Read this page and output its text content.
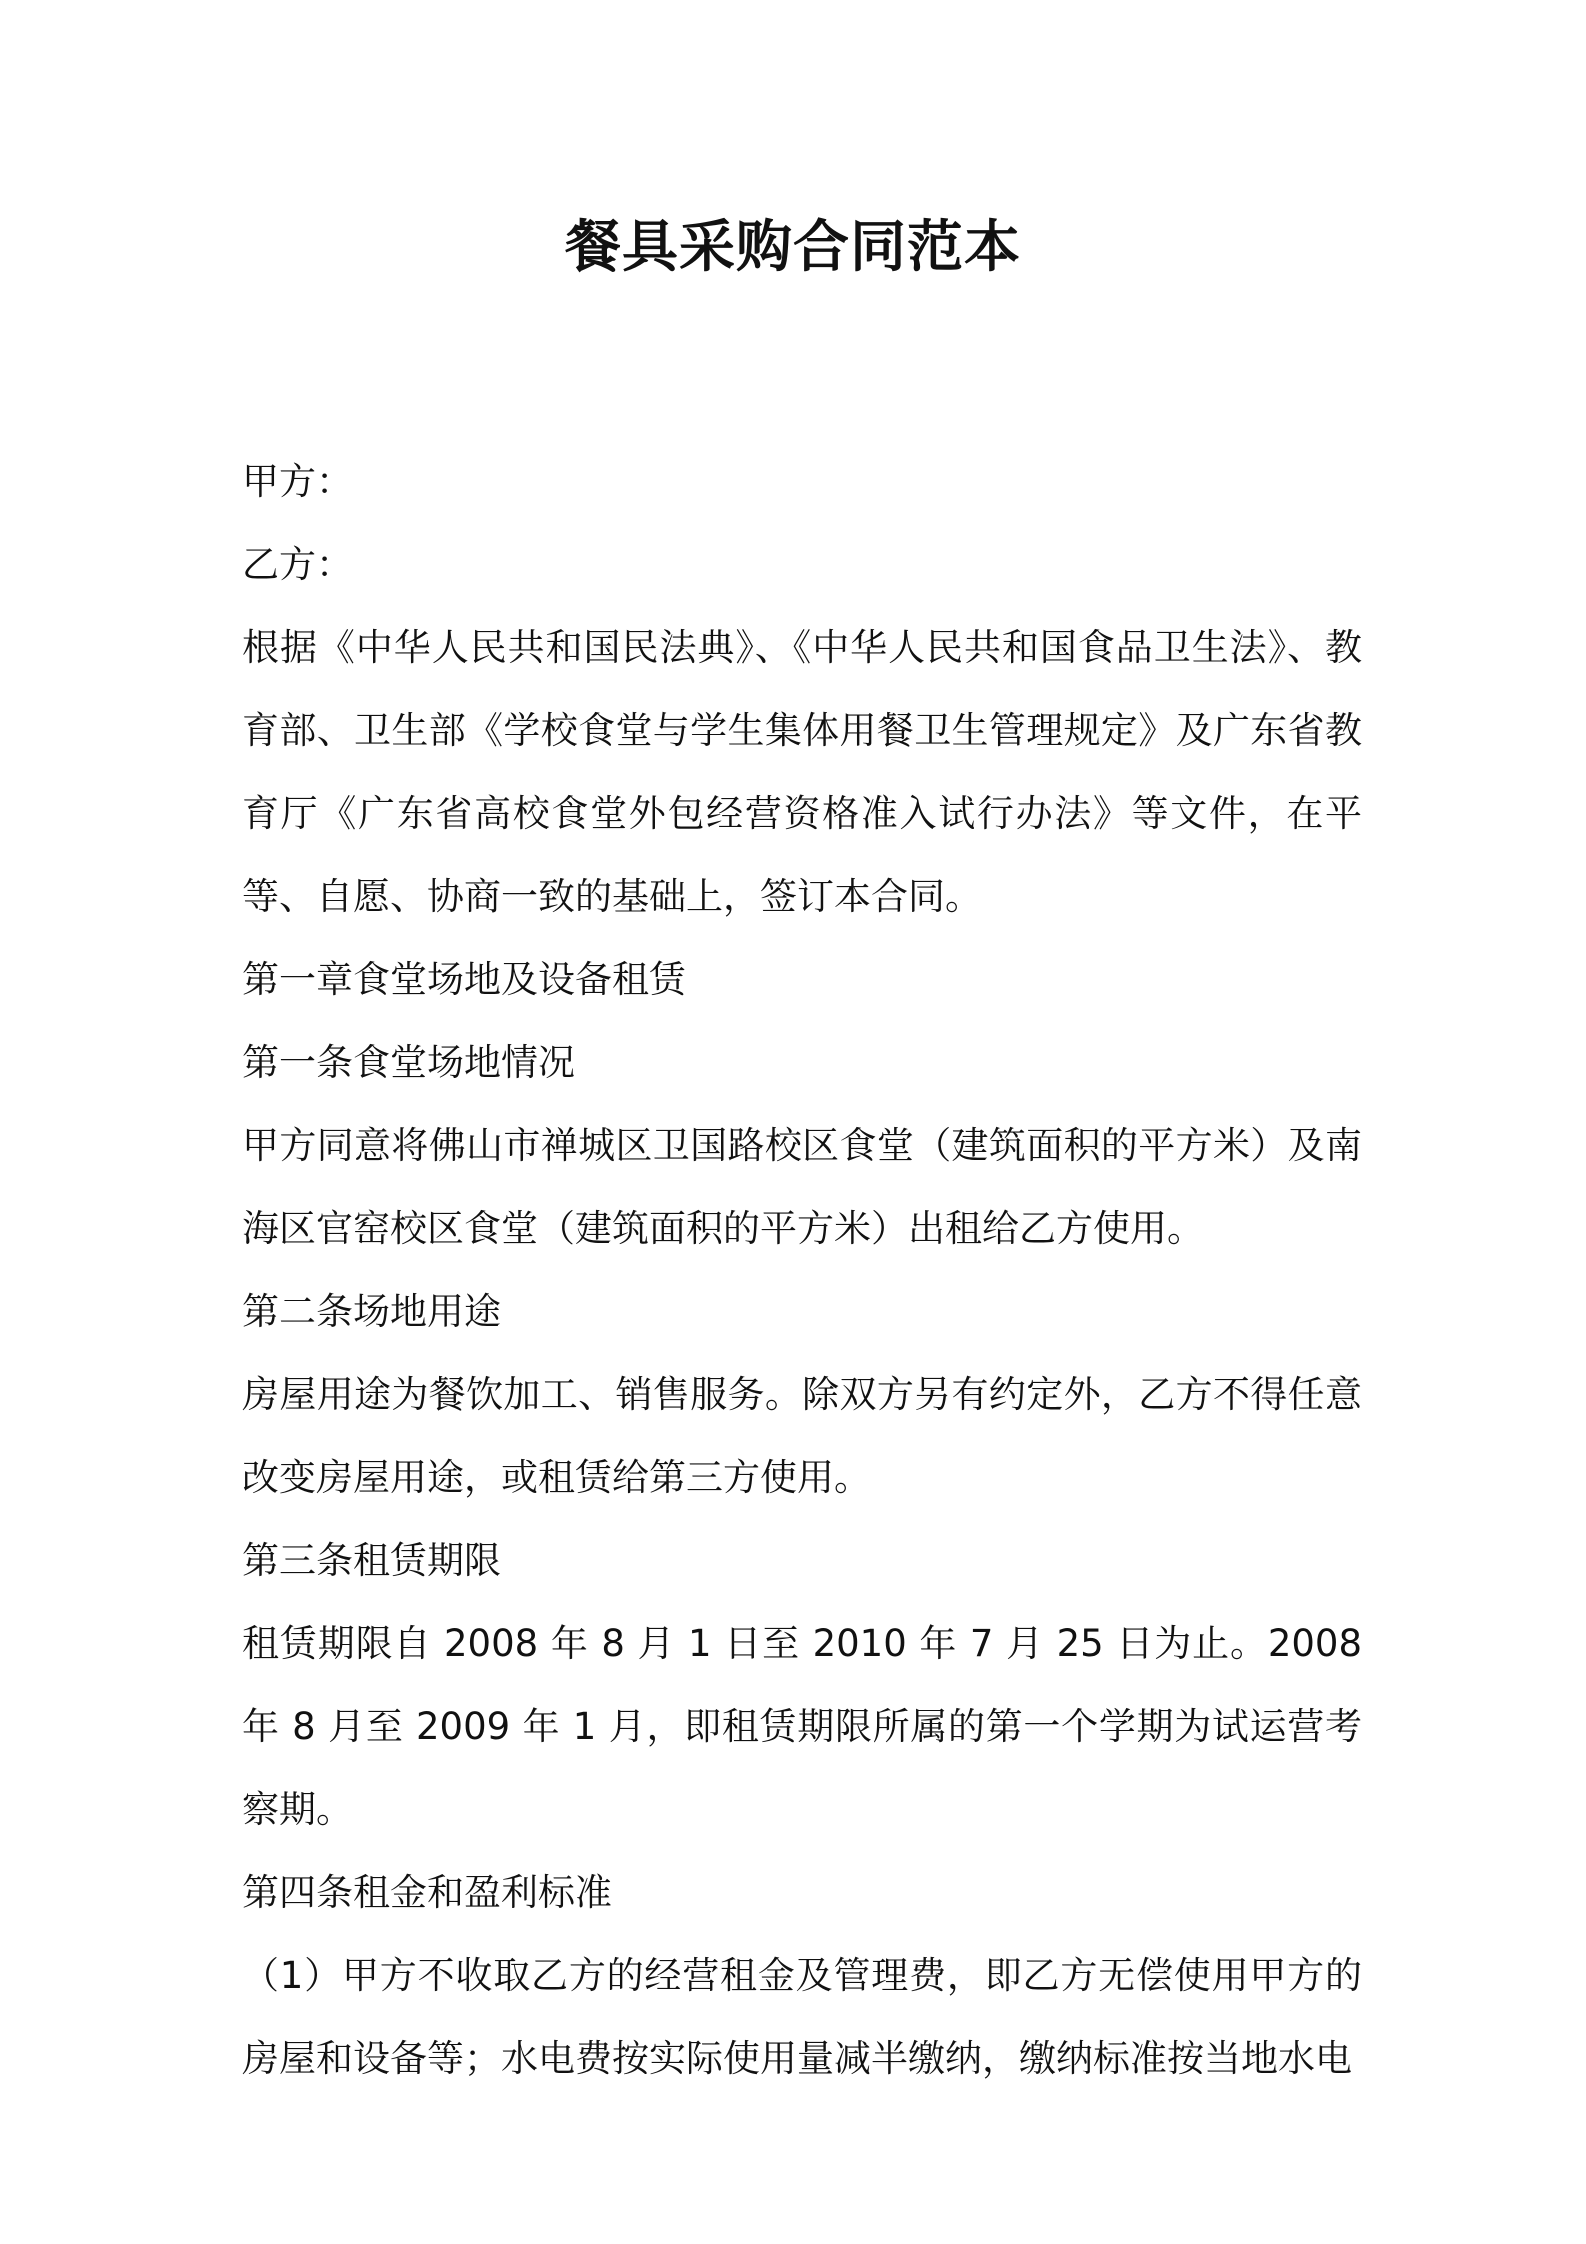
餐具采购合同范本

甲方：

乙方：

根据《中华人民共和国民法典》、《中华人民共和国食品卫生法》、教育部、卫生部《学校食堂与学生集体用餐卫生管理规定》及广东省教育厅《广东省高校食堂外包经营资格准入试行办法》等文件，在平等、自愿、协商一致的基础上，签订本合同。

第一章食堂场地及设备租赁

第一条食堂场地情况

甲方同意将佛山市禅城区卫国路校区食堂（建筑面积的平方米）及南海区官窑校区食堂（建筑面积的平方米）出租给乙方使用。

第二条场地用途

房屋用途为餐饮加工、销售服务。除双方另有约定外，乙方不得任意改变房屋用途，或租赁给第三方使用。

第三条租赁期限

租赁期限自 2008 年 8 月 1 日至 2010 年 7 月 25 日为止。2008 年 8 月至 2009 年 1 月，即租赁期限所属的第一个学期为试运营考察期。

第四条租金和盈利标准

（1）甲方不收取乙方的经营租金及管理费，即乙方无偿使用甲方的房屋和设备等；水电费按实际使用量减半缴纳，缴纳标准按当地水电
